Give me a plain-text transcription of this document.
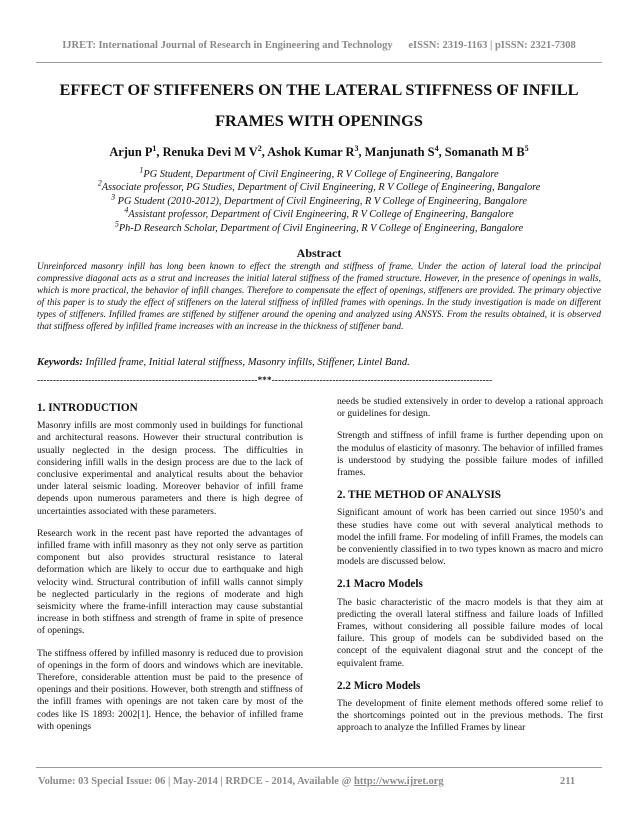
IJRET: International Journal of Research in Engineering and Technology eISSN: 2319-1163 | pISSN: 2321-7308
EFFECT OF STIFFENERS ON THE LATERAL STIFFNESS OF INFILL
FRAMES WITH OPENINGS

Arjun $P^1$, Renuka Devi M $V^2$, Ashok Kumar $R^3$, Manjunath $S^4$, Somanath M $B^5$

$^1$PG Student, Department of Civil Engineering, R V College of Engineering, Bangalore

$^2$Associate professor, PG Studies, Department of Civil Engineering, R V College of Engineering, Bangalore

$^3$ PG Student (2010-2012), Department of Civil Engineering, R V College of Engineering, Bangalore

$^4$Assistant professor, Department of Civil Engineering, R V College of Engineering, Bangalore

$^5$Ph-D Research Scholar, Department of Civil Engineering, R V College of Engineering, Bangalore

Abstract

Unreinforced masonry infill has long been known to effect the strength and stiffness of frame. Under the action of lateral load the principal compressive diagonal acts as a strut and increases the initial lateral stiffness of the framed structure. However, in the presence of openings in walls, which is more practical, the behavior of infill changes. Therefore to compensate the effect of openings, stiffeners are provided. The primary objective of this paper is to study the effect of stiffeners on the lateral stiffness of infilled frames with openings. In the study investigation is made on different types of stiffeners. Infilled frames are stiffened by stiffener around the opening and analyzed using ANSYS. From the results obtained, it is observed that stiffness offered by infilled frame increases with an increase in the thickness of stiffener band.

Keywords: Infilled frame, Initial lateral stiffness, Masonry infills, Stiffener, Lintel Band.

---------------------------------------------------------------------***---------------------------------------------------------------------
1. INTRODUCTION

Masonry infills are most commonly used in buildings for functional and architectural reasons. However their structural contribution is usually neglected in the design process. The difficulties in considering infill walls in the design process are due to the lack of conclusive experimental and analytical results about the behavior under lateral seismic loading. Moreover behavior of infill frame depends upon numerous parameters and there is high degree of uncertainties associated with these parameters.

Research work in the recent past have reported the advantages of infilled frame with infill masonry as they not only serve as partition component but also provides structural resistance to lateral deformation which are likely to occur due to earthquake and high velocity wind. Structural contribution of infill walls cannot simply be neglected particularly in the regions of moderate and high seismicity where the frame-infill interaction may cause substantial increase in both stiffness and strength of frame in spite of presence of openings.

The stiffness offered by infilled masonry is reduced due to provision of openings in the form of doors and windows which are inevitable. Therefore, considerable attention must be paid to the presence of openings and their positions. However, both strength and stiffness of the infill frames with openings are not taken care by most of the codes like IS 1893: 2002[1]. Hence, the behavior of infilled frame with openings

needs be studied extensively in order to develop a rational approach or guidelines for design.

Strength and stiffness of infill frame is further depending upon on the modulus of elasticity of masonry. The behavior of infilled frames is understood by studying the possible failure modes of infilled frames.

2. THE METHOD OF ANALYSIS

Significant amount of work has been carried out since 1950’s and these studies have come out with several analytical methods to model the infill frame. For modeling of infill Frames, the models can be conveniently classified in to two types known as macro and micro models are discussed below.

2.1 Macro Models

The basic characteristic of the macro models is that they aim at predicting the overall lateral stiffness and failure loads of Infilled Frames, without considering all possible failure modes of local failure. This group of models can be subdivided based on the concept of the equivalent diagonal strut and the concept of the equivalent frame.

2.2 Micro Models

The development of finite element methods offered some relief to the shortcomings pointed out in the previous methods. The first approach to analyze the Infilled Frames by linear

Volume: 03 Special Issue: 06 | May-2014 | RRDCE - 2014, Available @ http://www.ijret.org	211
